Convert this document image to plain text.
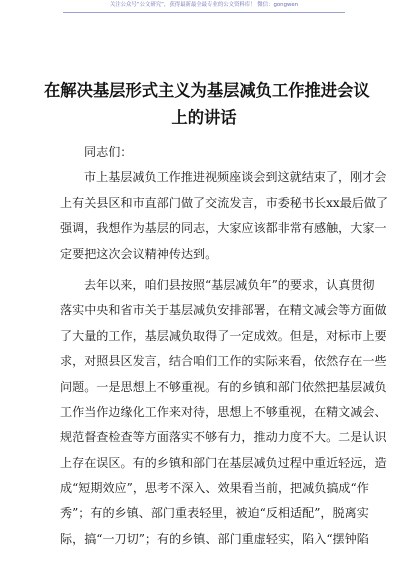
关注公众号“公文研究”，获得最新最全最专业的公文资料库！ 微信：gongwen
在解决基层形式主义为基层减负工作推进会议
上的讲话
同志们：
市上基层减负工作推进视频座谈会到这就结束了，刚才会
上有关县区和市直部门做了交流发言，市委秘书长xx最后做了
强调，我想作为基层的同志，大家应该都非常有感触，大家一
定要把这次会议精神传达到。
去年以来，咱们县按照“基层减负年”的要求，认真贯彻
落实中央和省市关于基层减负安排部署，在精文减会等方面做
了大量的工作，基层减负取得了一定成效。但是，对标市上要
求，对照县区发言，结合咱们工作的实际来看，依然存在一些
问题。一是思想上不够重视。有的乡镇和部门依然把基层减负
工作当作边缘化工作来对待，思想上不够重视，在精文减会、
规范督查检查等方面落实不够有力，推动力度不大。二是认识
上存在误区。有的乡镇和部门在基层减负过程中重近轻远，造
成“短期效应”，思考不深入、效果看当前，把减负搞成“作
秀”；有的乡镇、部门重表轻里，被迫“反相适配”，脱离实
际，搞“一刀切”；有的乡镇、部门重虚轻实，陷入“摆钟陷
